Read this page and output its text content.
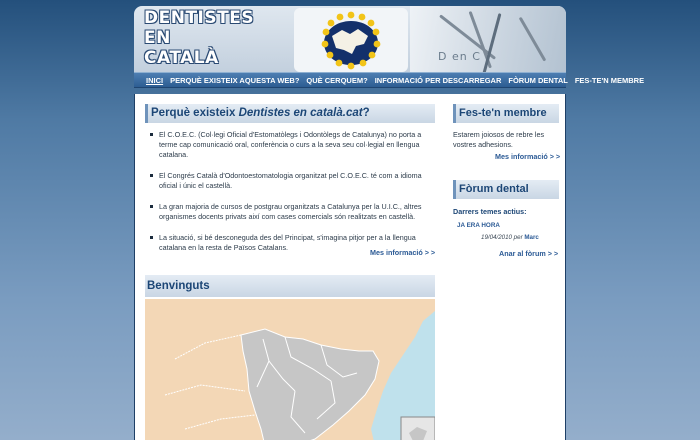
DENTISTES
EN
CATALÀ	D en C
INICI PERQUÈ EXISTEIX AQUESTA WEB? QUÈ CERQUEM? INFORMACIÓ PER DESCARREGAR FÒRUM DENTAL FES-TE'N MEMBRE
Perquè existeix Dentistes en català.cat?
El C.O.E.C. (Col·legi Oficial d'Estomatòlegs i Odontòlegs de Catalunya) no porta a terme cap comunicació oral, conferència o curs a la seva seu col·legial en llengua catalana.
El Congrés Català d'Odontoestomatologia organitzat pel C.O.E.C. té com a idioma oficial i únic el castellà.
La gran majoria de cursos de postgrau organitzats a Catalunya per la U.I.C., altres organismes docents privats així com cases comercials són realitzats en castellà.
La situació, si bé desconeguda des del Principat, s'imagina pitjor per a la llengua catalana en la resta de Països Catalans.
Mes informació > >
Benvinguts
Fes-te'n membre
Estarem joiosos de rebre les vostres adhesions.
Mes informació > >
Fòrum dental
Darrers temes actius:
JA ERA HORA
19/04/2010 per Marc
Anar al fòrum > >
